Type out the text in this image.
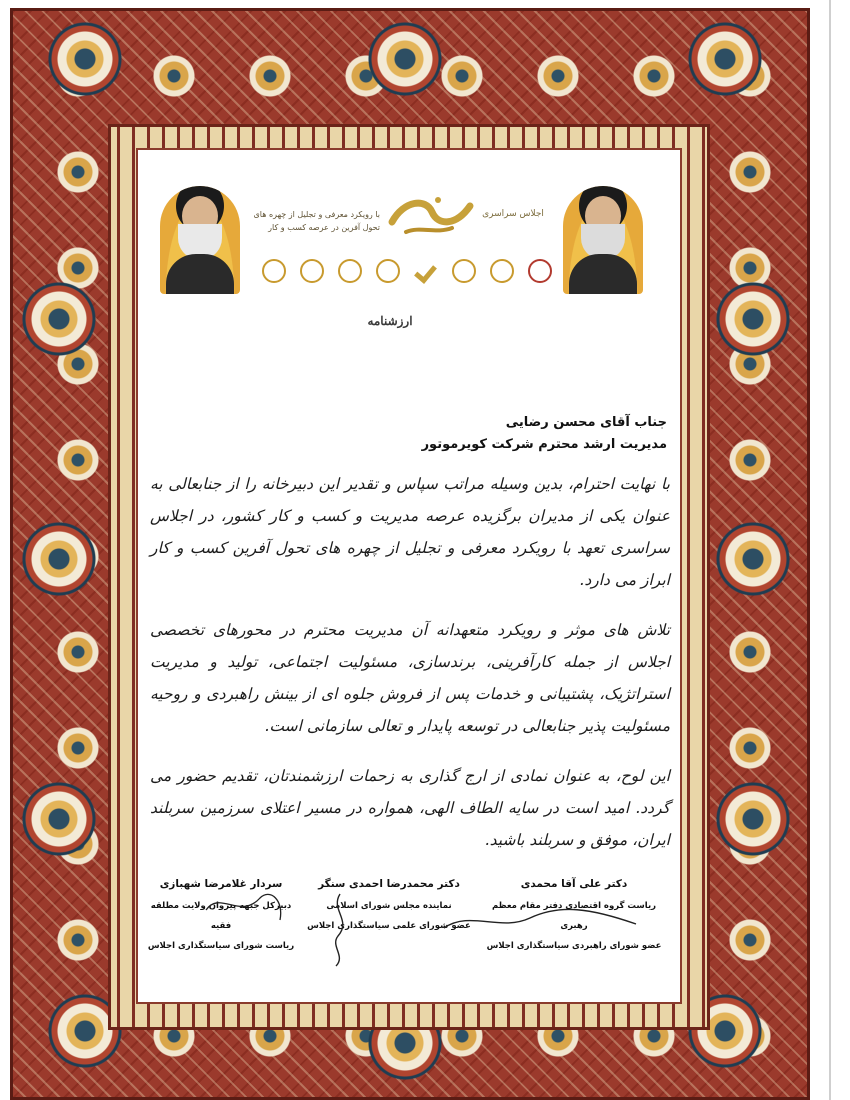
اجلاس سراسری
با رویکرد معرفی و تجلیل از چهره های
تحول آفرین در عرصه کسب و کار
ارزشنامه
جناب آقای محسن رضایی
مدیریت ارشد محترم شرکت کویرموتور

با نهایت احترام، بدین وسیله مراتب سپاس و تقدیر این دبیرخانه را از جنابعالی به عنوان یکی از مدیران برگزیده عرصه مدیریت و کسب و کار کشور، در اجلاس سراسری تعهد با رویکرد معرفی و تجلیل از چهره های تحول آفرین کسب و کار ابراز می دارد.

تلاش های موثر و رویکرد متعهدانه آن مدیریت محترم در محورهای تخصصی اجلاس از جمله کارآفرینی، برندسازی، مسئولیت اجتماعی، تولید و مدیریت استراتژیک، پشتیبانی و خدمات پس از فروش جلوه ای از بینش راهبردی و روحیه مسئولیت پذیر جنابعالی در توسعه پایدار و تعالی سازمانی است.

این لوح، به عنوان نمادی از ارج گذاری به زحمات ارزشمندتان، تقدیم حضور می گردد. امید است در سایه الطاف الهی، همواره در مسیر اعتلای سرزمین سربلند ایران، موفق و سربلند باشید.

سردار غلامرضا شهبازی
دبیرکل جبهه پیروان ولایت مطلقه فقیه
ریاست شورای سیاستگذاری اجلاس
دکتر محمدرضا احمدی سنگر
نماینده مجلس شورای اسلامی
عضو شورای علمی سیاستگذاری اجلاس
دکتر علی آقا محمدی
ریاست گروه اقتصادی دفتر مقام معظم رهبری
عضو شورای راهبردی سیاستگذاری اجلاس
